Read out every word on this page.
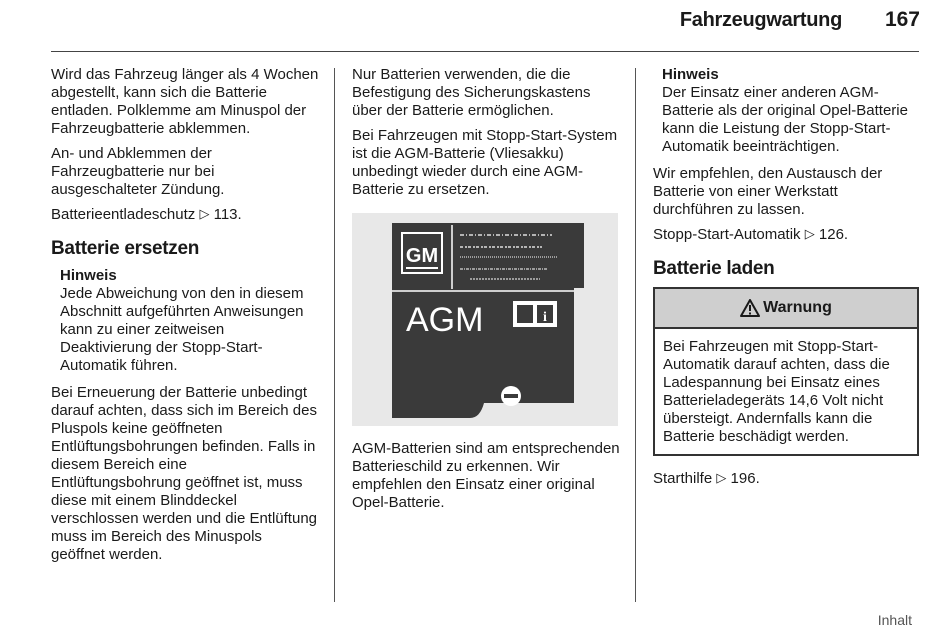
Fahrzeugwartung 167

Wird das Fahrzeug länger als 4 Wochen abgestellt, kann sich die Batterie entladen. Polklemme am Minuspol der Fahrzeugbatterie abklemmen.

An- und Abklemmen der Fahrzeugbatterie nur bei ausgeschalteter Zündung.

Batterieentladeschutz ▷ 113.

Batterie ersetzen
Hinweis
Jede Abweichung von den in diesem Abschnitt aufgeführten Anweisungen kann zu einer zeitweisen Deaktivierung der Stopp-Start-Automatik führen.

Bei Erneuerung der Batterie unbedingt darauf achten, dass sich im Bereich des Pluspols keine geöffneten Entlüftungsbohrungen befinden. Falls in diesem Bereich eine Entlüftungsbohrung geöffnet ist, muss diese mit einem Blinddeckel verschlossen werden und die Entlüftung muss im Bereich des Minuspols geöffnet werden.

Nur Batterien verwenden, die die Befestigung des Sicherungskastens über der Batterie ermöglichen.

Bei Fahrzeugen mit Stopp-Start-System ist die AGM-Batterie (Vliesakku) unbedingt wieder durch eine AGM-Batterie zu ersetzen.

GM
AGM	i

AGM-Batterien sind am entsprechenden Batterieschild zu erkennen. Wir empfehlen den Einsatz einer original Opel-Batterie.

Hinweis
Der Einsatz einer anderen AGM-Batterie als der original Opel-Batterie kann die Leistung der Stopp-Start-Automatik beeinträchtigen.

Wir empfehlen, den Austausch der Batterie von einer Werkstatt durchführen zu lassen.

Stopp-Start-Automatik ▷ 126.

Batterie laden
Warnung
Bei Fahrzeugen mit Stopp-Start-Automatik darauf achten, dass die Ladespannung bei Einsatz eines Batterieladegeräts 14,6 Volt nicht übersteigt. Andernfalls kann die Batterie beschädigt werden.

Starthilfe ▷ 196.

Inhalt
